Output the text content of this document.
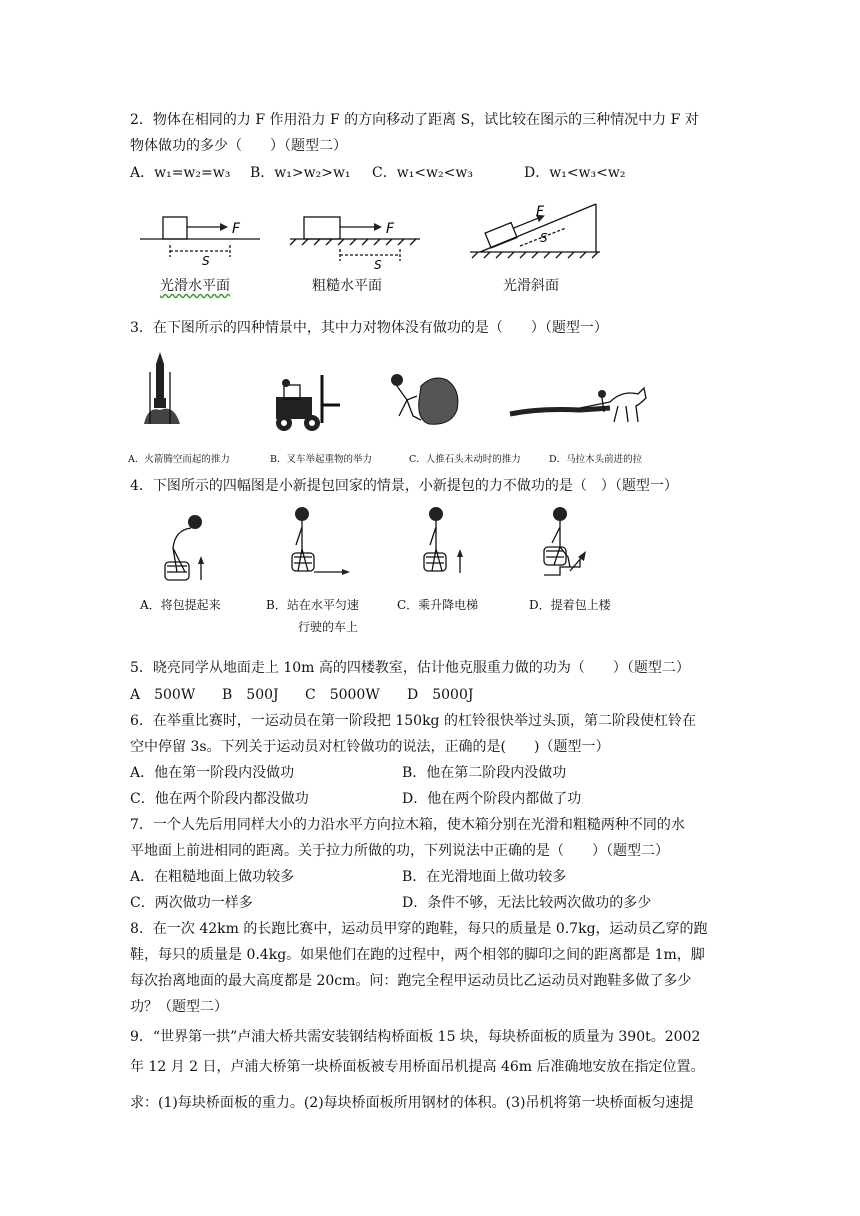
2．物体在相同的力 F 作用沿力 F 的方向移动了距离 S，试比较在图示的三种情况中力 F 对
物体做功的多少（　　）（题型二）
A．w₁=w₂=w₃ B．w₁>w₂>w₁ C．w₁<w₂<w₃	D．w₁<w₃<w₂
F
S
光滑水平面
F
S
粗糙水平面
F
S
光滑斜面
3．在下图所示的四种情景中，其中力对物体没有做功的是（　　）（题型一）
A．火箭腾空而起的推力	B．叉车举起重物的举力	C．人推石头未动时的推力	D．马拉木头前进的拉
4．下图所示的四幅图是小新提包回家的情景，小新提包的力不做功的是（　）（题型一）
A．将包提起来	B．站在水平匀速
行驶的车上
C．乘升降电梯	D．提着包上楼
5．晓亮同学从地面走上 10m 高的四楼教室，估计他克服重力做的功为（　　）（题型二）
A　500W B　500J C　5000W D　5000J
6．在举重比赛时，一运动员在第一阶段把 150kg 的杠铃很快举过头顶，第二阶段使杠铃在
空中停留 3s。下列关于运动员对杠铃做功的说法，正确的是(　　)（题型一）
A．他在第一阶段内没做功	B．他在第二阶段内没做功
C．他在两个阶段内都没做功	D．他在两个阶段内都做了功
7．一个人先后用同样大小的力沿水平方向拉木箱，使木箱分别在光滑和粗糙两种不同的水
平地面上前进相同的距离。关于拉力所做的功，下列说法中正确的是（　　）（题型二）
A．在粗糙地面上做功较多	B．在光滑地面上做功较多
C．两次做功一样多	D．条件不够，无法比较两次做功的多少
8．在一次 42km 的长跑比赛中，运动员甲穿的跑鞋，每只的质量是 0.7kg，运动员乙穿的跑
鞋，每只的质量是 0.4kg。如果他们在跑的过程中，两个相邻的脚印之间的距离都是 1m，脚
每次抬离地面的最大高度都是 20cm。问：跑完全程甲运动员比乙运动员对跑鞋多做了多少
功？（题型二）
9．“世界第一拱”卢浦大桥共需安装钢结构桥面板 15 块，每块桥面板的质量为 390t。2002
年 12 月 2 日，卢浦大桥第一块桥面板被专用桥面吊机提高 46m 后准确地安放在指定位置。
求：(1)每块桥面板的重力。(2)每块桥面板所用钢材的体积。(3)吊机将第一块桥面板匀速提
